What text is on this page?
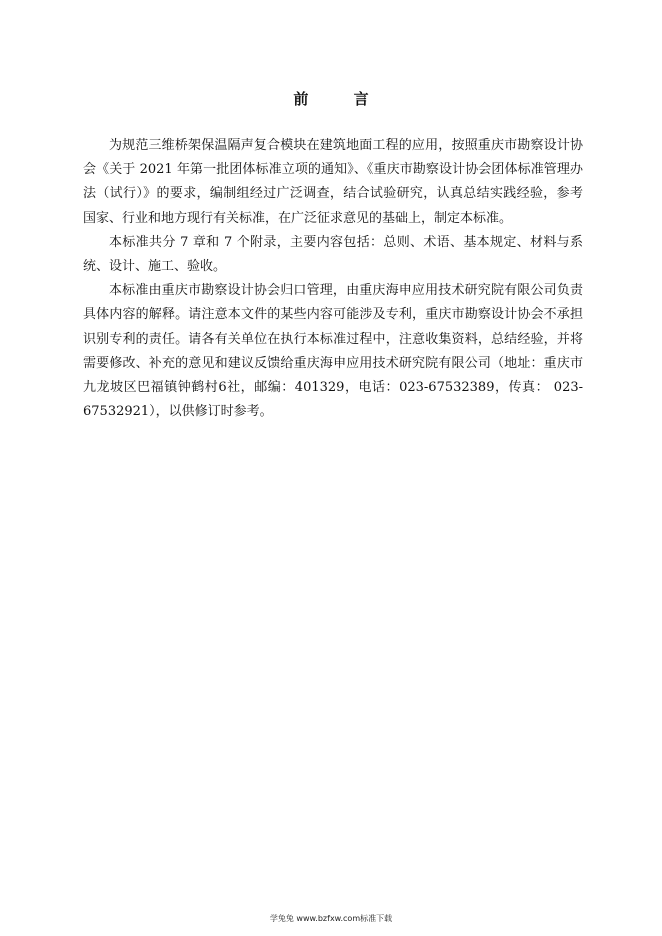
前 言

为规范三维桥架保温隔声复合模块在建筑地面工程的应用，按照重庆市勘察设计协会《关于 2021 年第一批团体标准立项的通知》、《重庆市勘察设计协会团体标准管理办法（试行）》的要求，编制组经过广泛调查，结合试验研究，认真总结实践经验，参考国家、行业和地方现行有关标准，在广泛征求意见的基础上，制定本标准。

本标准共分 7 章和 7 个附录，主要内容包括：总则、术语、基本规定、材料与系统、设计、施工、验收。

本标准由重庆市勘察设计协会归口管理，由重庆海申应用技术研究院有限公司负责具体内容的解释。请注意本文件的某些内容可能涉及专利，重庆市勘察设计协会不承担识别专利的责任。请各有关单位在执行本标准过程中，注意收集资料，总结经验，并将需要修改、补充的意见和建议反馈给重庆海申应用技术研究院有限公司（地址：重庆市九龙坡区巴福镇钟鹤村6社，邮编：401329，电话：023-67532389，传真： 023-67532921），以供修订时参考。

学兔兔 www.bzfxw.com标准下载
